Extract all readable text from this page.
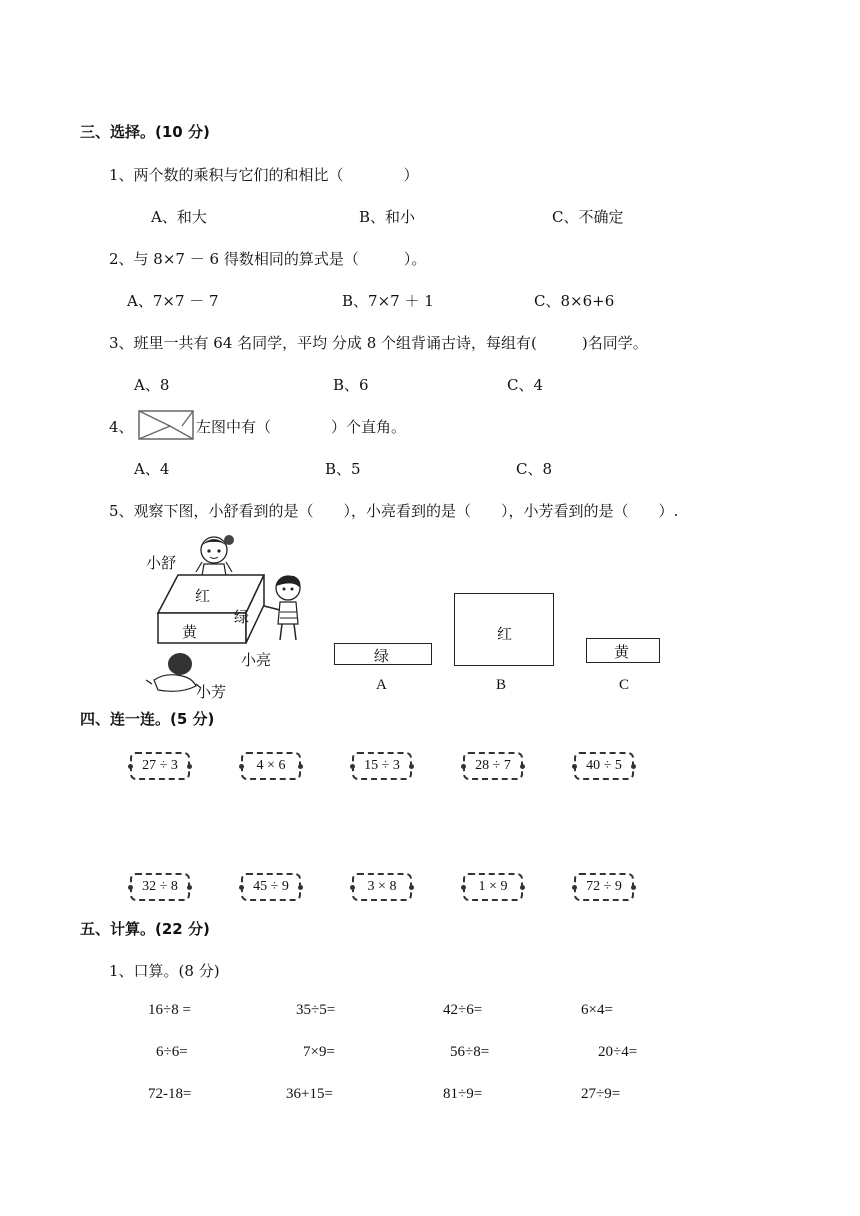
三、选择。(10 分)
1、两个数的乘积与它们的和相比（　　　　）
A、和大	B、和小	C、不确定
2、与 8×7 － 6 得数相同的算式是（　　　）。
A、7×7 － 7	B、7×7 ＋ 1	C、8×6+6
3、班里一共有 64 名同学，平均 分成 8 个组背诵古诗，每组有(　　　)名同学。
A、8	B、6	C、4
4、	左图中有（　　　　）个直角。
A、4	B、5	C、8
5、观察下图，小舒看到的是（　　），小亮看到的是（　　），小芳看到的是（　　）.
小舒
红
黄
绿
小亮
小芳
绿
A
红
B
黄
C
四、连一连。(5 分)
27 ÷ 3	4 × 6	15 ÷ 3	28 ÷ 7	40 ÷ 5
32 ÷ 8	45 ÷ 9	3 × 8	1 × 9	72 ÷ 9
五、计算。(22 分)
1、口算。(8 分)
16÷8 =	35÷5=	42÷6=	6×4=
6÷6=	7×9=	56÷8=	20÷4=
72-18=	36+15=	81÷9=	27÷9=
